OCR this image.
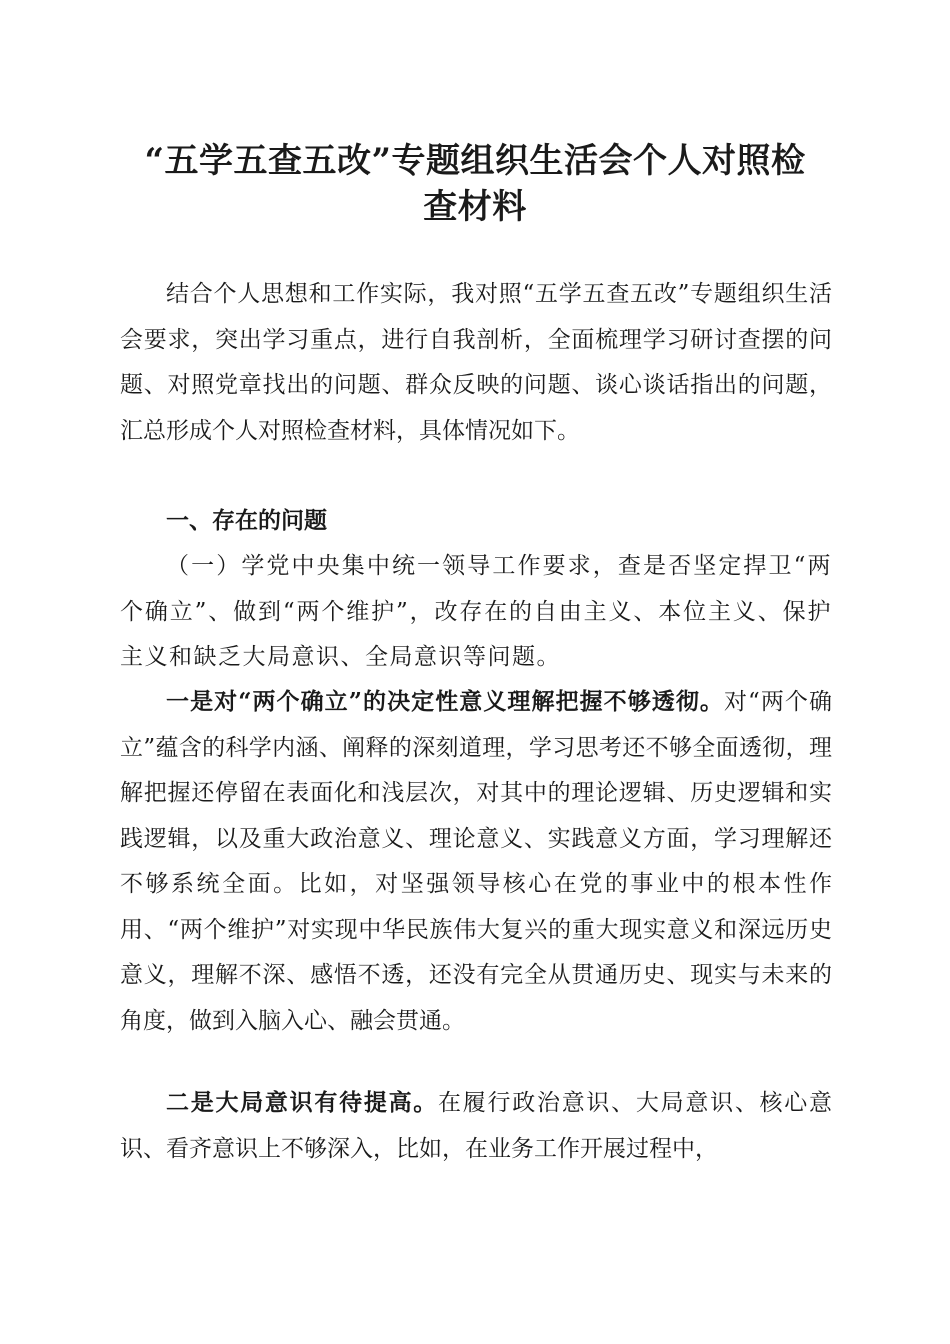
“五学五查五改”专题组织生活会个人对照检
查材料

结合个人思想和工作实际，我对照“五学五查五改”专题组织生活会要求，突出学习重点，进行自我剖析，全面梳理学习研讨查摆的问题、对照党章找出的问题、群众反映的问题、谈心谈话指出的问题，汇总形成个人对照检查材料，具体情况如下。

一、存在的问题

（一）学党中央集中统一领导工作要求，查是否坚定捍卫“两个确立”、做到“两个维护”，改存在的自由主义、本位主义、保护主义和缺乏大局意识、全局意识等问题。

一是对“两个确立”的决定性意义理解把握不够透彻。对“两个确立”蕴含的科学内涵、阐释的深刻道理，学习思考还不够全面透彻，理解把握还停留在表面化和浅层次，对其中的理论逻辑、历史逻辑和实践逻辑，以及重大政治意义、理论意义、实践意义方面，学习理解还不够系统全面。比如，对坚强领导核心在党的事业中的根本性作用、“两个维护”对实现中华民族伟大复兴的重大现实意义和深远历史意义，理解不深、感悟不透，还没有完全从贯通历史、现实与未来的角度，做到入脑入心、融会贯通。

二是大局意识有待提高。在履行政治意识、大局意识、核心意识、看齐意识上不够深入，比如，在业务工作开展过程中，
